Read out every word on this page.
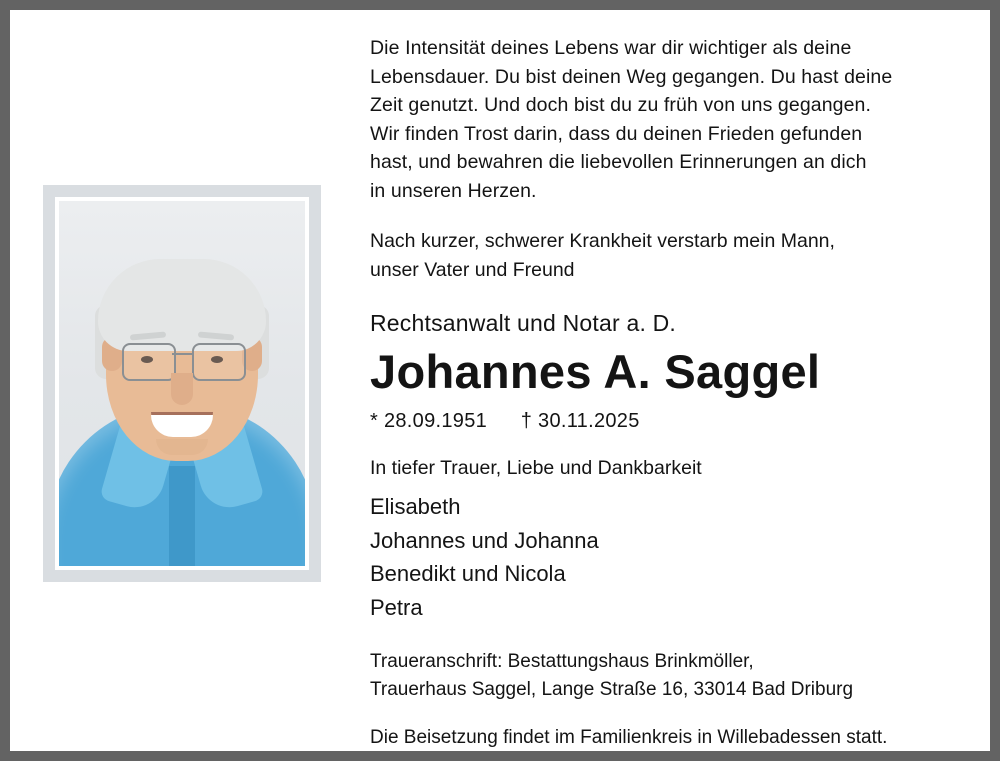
Die Intensität deines Lebens war dir wichtiger als deine

Lebensdauer. Du bist deinen Weg gegangen. Du hast deine

Zeit genutzt. Und doch bist du zu früh von uns gegangen.

Wir finden Trost darin, dass du deinen Frieden gefunden

hast, und bewahren die liebevollen Erinnerungen an dich

in unseren Herzen.

Nach kurzer, schwerer Krankheit verstarb mein Mann,

unser Vater und Freund

Rechtsanwalt und Notar a. D.
Johannes A. Saggel
* 28.09.1951 † 30.11.2025
In tiefer Trauer, Liebe und Dankbarkeit
Elisabeth
Johannes und Johanna
Benedikt und Nicola
Petra

Traueranschrift: Bestattungshaus Brinkmöller,

Trauerhaus Saggel, Lange Straße 16, 33014 Bad Driburg

Die Beisetzung findet im Familienkreis in Willebadessen statt.
